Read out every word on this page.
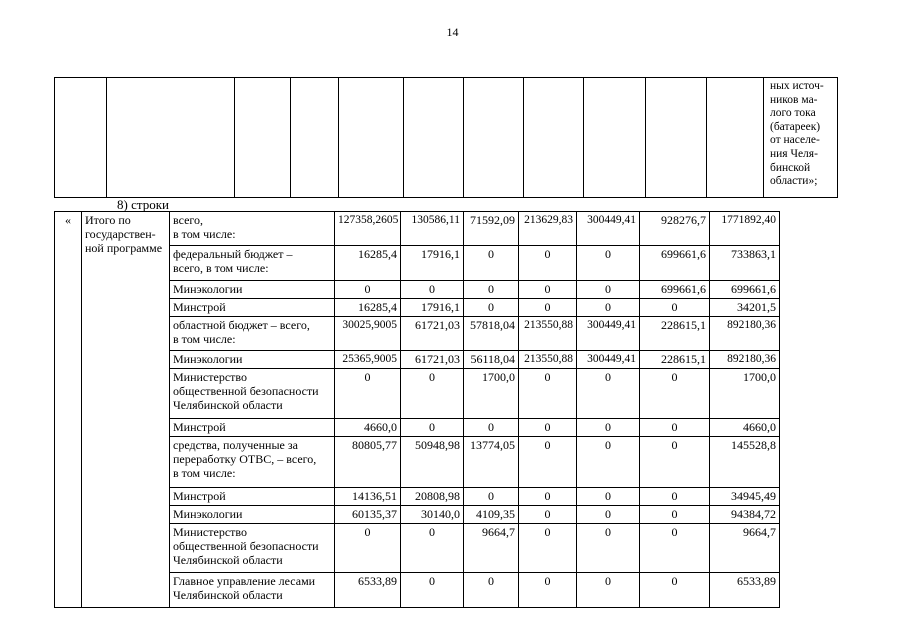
14
											ных источ-
ников ма-
лого тока
(батареек)
от населе-
ния Челя-
бинской
области»;
8) строки
«	Итого по государствен-ной программе	всего,
в том числе:	127358,2605	130586,11	71592,09	213629,83	300449,41	928276,7	1771892,40
		федеральный бюджет –
всего, в том числе:	16285,4	17916,1	0	0	0	699661,6	733863,1
		Минэкологии	0	0	0	0	0	699661,6	699661,6
		Минстрой	16285,4	17916,1	0	0	0	0	34201,5
		областной бюджет – всего,
в том числе:	30025,9005	61721,03	57818,04	213550,88	300449,41	228615,1	892180,36
		Минэкологии	25365,9005	61721,03	56118,04	213550,88	300449,41	228615,1	892180,36
		Министерство
общественной безопасности
Челябинской области	0	0	1700,0	0	0	0	1700,0
		Минстрой	4660,0	0	0	0	0	0	4660,0
		средства, полученные за
переработку ОТВС, – всего,
в том числе:	80805,77	50948,98	13774,05	0	0	0	145528,8
		Минстрой	14136,51	20808,98	0	0	0	0	34945,49
		Минэкологии	60135,37	30140,0	4109,35	0	0	0	94384,72
		Министерство
общественной безопасности
Челябинской области	0	0	9664,7	0	0	0	9664,7
		Главное управление лесами
Челябинской области	6533,89	0	0	0	0	0	6533,89
